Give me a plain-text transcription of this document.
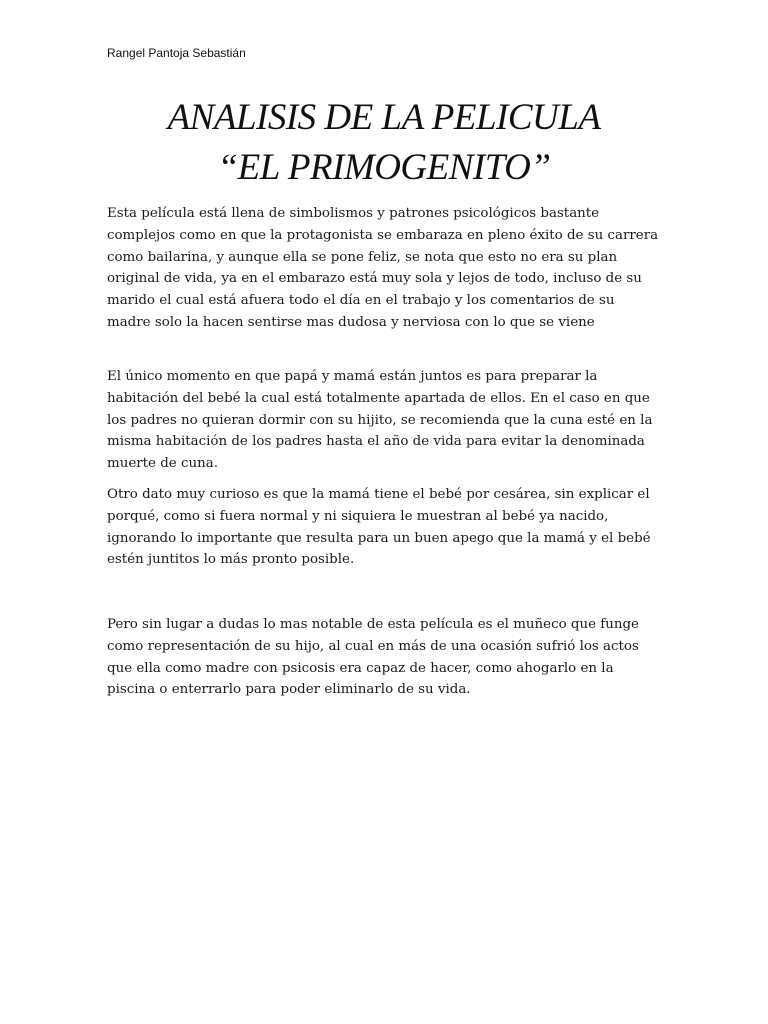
Rangel Pantoja Sebastián
ANALISIS DE LA PELICULA
“EL PRIMOGENITO”

Esta película está llena de simbolismos y patrones psicológicos bastante complejos como en que la protagonista se embaraza en pleno éxito de su carrera como bailarina, y aunque ella se pone feliz, se nota que esto no era su plan original de vida, ya en el embarazo está muy sola y lejos de todo, incluso de su marido el cual está afuera todo el día en el trabajo y los comentarios de su madre solo la hacen sentirse mas dudosa y nerviosa con lo que se viene

El único momento en que papá y mamá están juntos es para preparar la habitación del bebé la cual está totalmente apartada de ellos. En el caso en que los padres no quieran dormir con su hijito, se recomienda que la cuna esté en la misma habitación de los padres hasta el año de vida para evitar la denominada muerte de cuna.

Otro dato muy curioso es que la mamá tiene el bebé por cesárea, sin explicar el porqué, como si fuera normal y ni siquiera le muestran al bebé ya nacido, ignorando lo importante que resulta para un buen apego que la mamá y el bebé estén juntitos lo más pronto posible.

Pero sin lugar a dudas lo mas notable de esta película es el muñeco que funge como representación de su hijo, al cual en más de una ocasión sufrió los actos que ella como madre con psicosis era capaz de hacer, como ahogarlo en la piscina o enterrarlo para poder eliminarlo de su vida.
